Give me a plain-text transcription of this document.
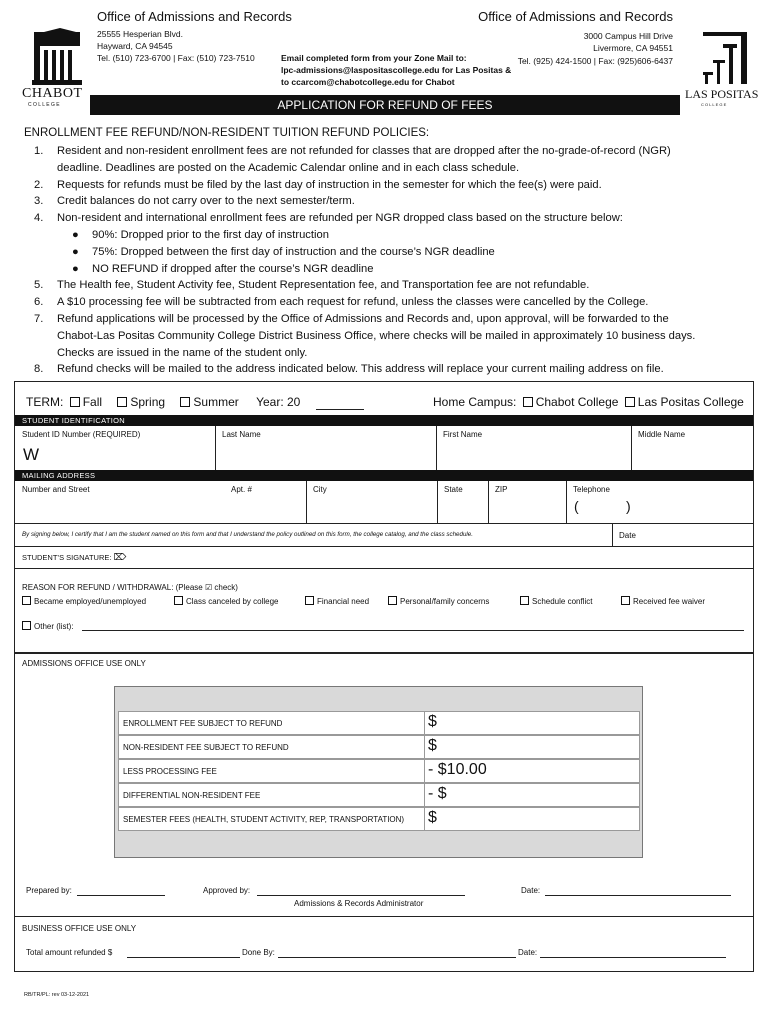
CHABOT
C O L L E G E
Office of Admissions and Records
25555 Hesperian Blvd.
Hayward, CA 94545
Tel. (510) 723-6700 | Fax: (510) 723-7510	Email completed form from your Zone Mail to:
lpc-admissions@laspositascollege.edu for Las Positas &
to ccarcom@chabotcollege.edu for Chabot
Office of Admissions and Records
3000 Campus Hill Drive
Livermore, CA 94551
Tel. (925) 424-1500 | Fax: (925)606-6437
LAS POSITAS
C O L L E G E
APPLICATION FOR REFUND OF FEES
ENROLLMENT FEE REFUND/NON-RESIDENT TUITION REFUND POLICIES:
1. Resident and non-resident enrollment fees are not refunded for classes that are dropped after the no-grade-of-record (NGR)
deadline. Deadlines are posted on the Academic Calendar online and in each class schedule.
2. Requests for refunds must be filed by the last day of instruction in the semester for which the fee(s) were paid.
3. Credit balances do not carry over to the next semester/term.
4. Non-resident and international enrollment fees are refunded per NGR dropped class based on the structure below:
● 90%: Dropped prior to the first day of instruction
● 75%: Dropped between the first day of instruction and the course’s NGR deadline
● NO REFUND if dropped after the course’s NGR deadline
5. The Health fee, Student Activity fee, Student Representation fee, and Transportation fee are not refundable.
6. A $10 processing fee will be subtracted from each request for refund, unless the classes were cancelled by the College.
7. Refund applications will be processed by the Office of Admissions and Records and, upon approval, will be forwarded to the
Chabot-Las Positas Community College District Business Office, where checks will be mailed in approximately 10 business days.
Checks are issued in the name of the student only.
8. Refund checks will be mailed to the address indicated below. This address will replace your current mailing address on file.
TERM: Fall Spring Summer Year: 20	Home Campus: Chabot College Las Positas College
STUDENT IDENTIFICATION
Student ID Number (REQUIRED)
W
Last Name	First Name	Middle Name
MAILING ADDRESS
Number and Street	Apt. #	City	State	ZIP	Telephone
(	)
By signing below, I certify that I am the student named on this form and that I understand the policy outlined on this form, the college catalog, and the class schedule.	Date
STUDENT’S SIGNATURE: ⌦
REASON FOR REFUND / WITHDRAWAL: (Please ☑ check)
Became employed/unemployed	Class canceled by college	Financial need	Personal/family concerns	Schedule conflict	Received fee waiver
Other (list):
ADMISSIONS OFFICE USE ONLY
ENROLLMENT FEE SUBJECT TO REFUND	$
NON-RESIDENT FEE SUBJECT TO REFUND	$
LESS PROCESSING FEE	- $10.00
DIFFERENTIAL NON-RESIDENT FEE	- $
SEMESTER FEES (HEALTH, STUDENT ACTIVITY, REP, TRANSPORTATION) $
Prepared by:	Approved by:
Admissions & Records Administrator
Date:
BUSINESS OFFICE USE ONLY
Total amount refunded $	Done By:	Date:
RB/TR/PL: rev 03-12-2021
